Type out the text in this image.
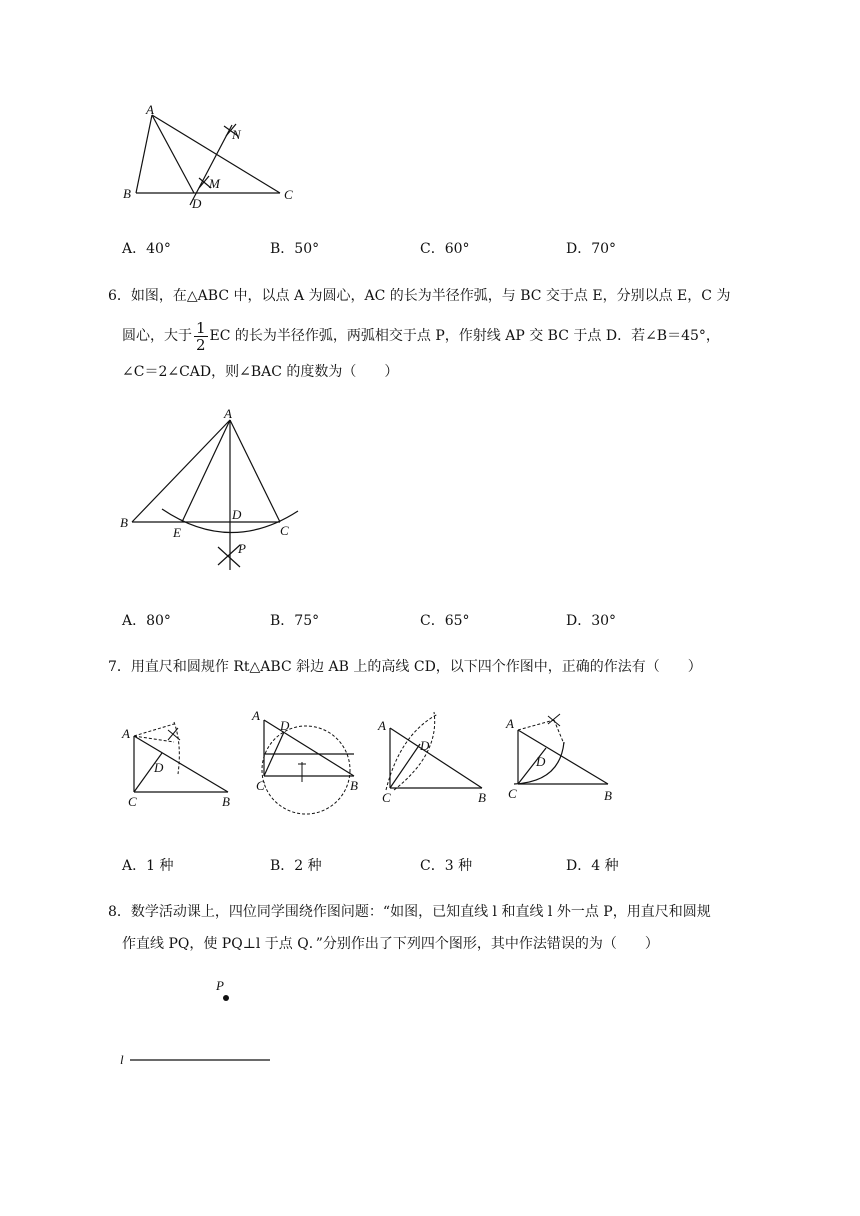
A
N
M
B
D
C
A．40°	B．50°	C．60°	D．70°
6．如图，在△ABC 中，以点 A 为圆心，AC 的长为半径作弧，与 BC 交于点 E，分别以点 E，C 为
圆心，大于 $\frac{1}{2}$ EC 的长为半径作弧，两弧相交于点 P，作射线 AP 交 BC 于点 D．若∠B＝45°，
∠C＝2∠CAD，则∠BAC 的度数为（　　）
A
B
E
D
C
P
A．80°	B．75°	C．65°	D．30°
7．用直尺和圆规作 Rt△ABC 斜边 AB 上的高线 CD，以下四个作图中，正确的作法有（　　）
A
D
C	B
A
D
C	B
A
D
C	B
A
D
C	B
A．1 种	B．2 种	C．3 种	D．4 种
8．数学活动课上，四位同学围绕作图问题：“如图，已知直线 l 和直线 l 外一点 P，用直尺和圆规
作直线 PQ，使 PQ⊥l 于点 Q．”分别作出了下列四个图形，其中作法错误的为（　　）
P
l
